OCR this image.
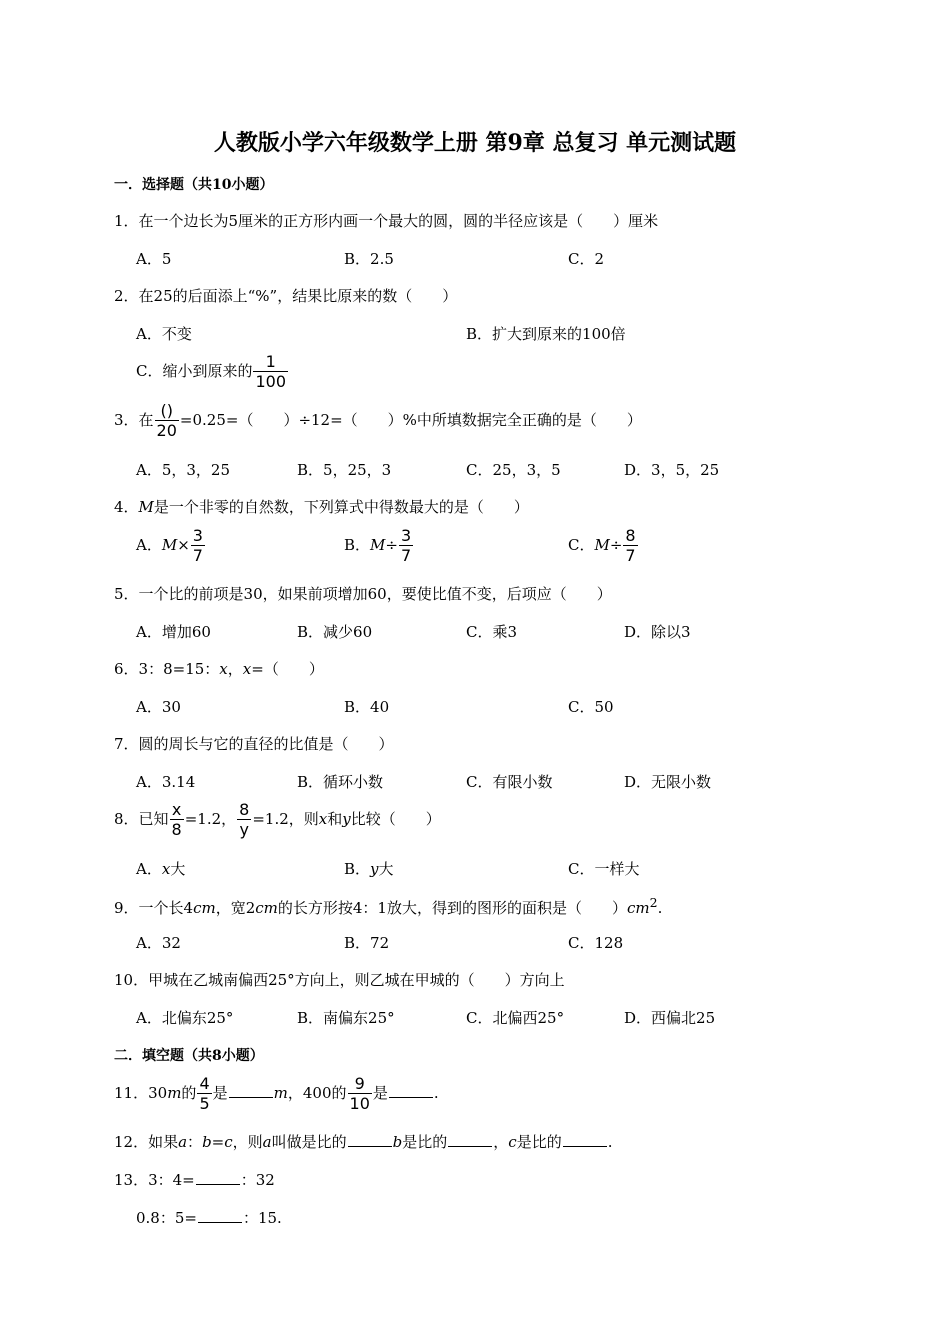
人教版小学六年级数学上册 第9章 总复习 单元测试题
一．选择题（共10小题）
1．在一个边长为5厘米的正方形内画一个最大的圆，圆的半径应该是（　　）厘米
A．5	B．2.5	C．2
2．在25的后面添上“%”，结果比原来的数（　　）
A．不变	B．扩大到原来的100倍
C．缩小到原来的 $\frac{1}{100}$
3．在 $\frac{()}{20} =0.25=$（　　）÷12=（　　）%中所填数据完全正确的是（　　）
A．5，3，25	B．5，25，3	C．25，3，5	D．3，5，25
4．M是一个非零的自然数，下列算式中得数最大的是（　　）
A．$M\times \frac{3}{7}$	B．$M\div \frac{3}{7}$	C．$M\div \frac{8}{7}$
5．一个比的前项是30，如果前项增加60，要使比值不变，后项应（　　）
A．增加60	B．减少60	C．乘3	D．除以3
6．3：8=15：x，x=（　　）
A．30	B．40	C．50
7．圆的周长与它的直径的比值是（　　）
A．3.14	B．循环小数	C．有限小数	D．无限小数
8．已知 $\frac{x}{8} =1.2$， $\frac{8}{y} =1.2$，则x和y比较（　　）
A．x大	B．y大	C．一样大
9．一个长4cm，宽2cm的长方形按4：1放大，得到的图形的面积是（　　）$cm^2$.
A．32	B．72	C．128
10．甲城在乙城南偏西25°方向上，则乙城在甲城的（　　）方向上
A．北偏东25°	B．南偏东25°	C．北偏西25°	D．西偏北25
二．填空题（共8小题）
11．30m的 $\frac{4}{5}$ 是	m，400的 $\frac{9}{10}$ 是	.
12．如果a：b=c，则a叫做是比的	b是比的	，c是比的	.
13．3：4=	：32
0.8：5=	：15.
